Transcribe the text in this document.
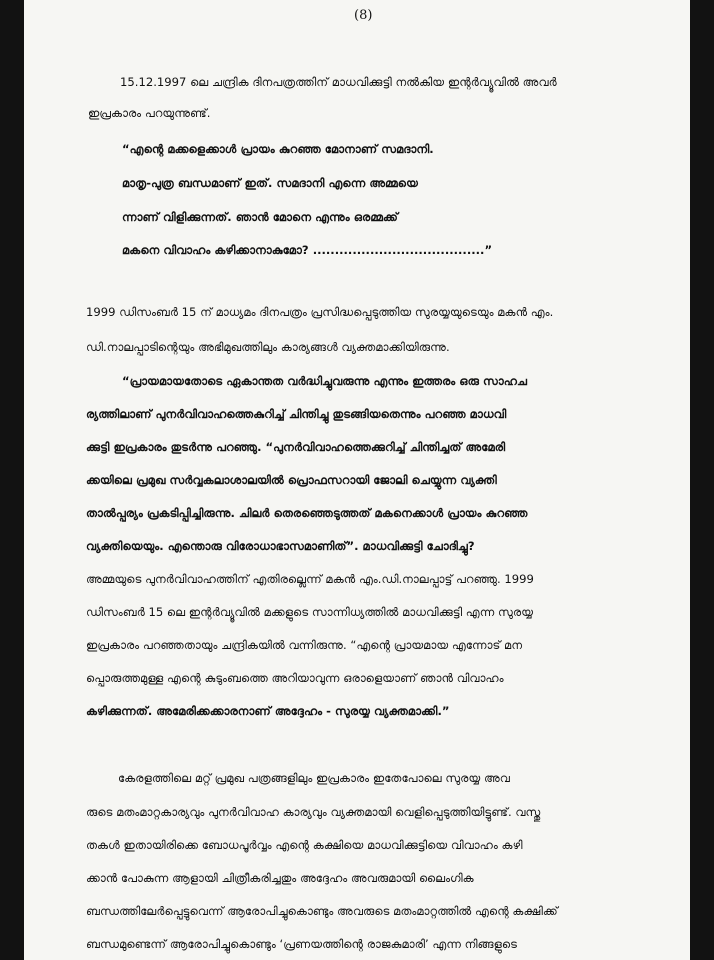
(8)
15.12.1997 ലെ ചന്ദ്രിക ദിനപത്രത്തിന് മാധവിക്കുട്ടി നൽകിയ ഇന്റർവ്യൂവിൽ അവർ
ഇപ്രകാരം പറയുന്നുണ്ട്.
“എന്റെ മക്കളെക്കാൾ പ്രായം കുറഞ്ഞ മോനാണ് സമദാനി.
മാതൃ-പുത്ര ബന്ധമാണ് ഇത്. സമദാനി എന്നെ അമ്മയെ
ന്നാണ് വിളിക്കുന്നത്. ഞാൻ മോനെ എന്നും ഒരമ്മക്ക്
മകനെ വിവാഹം കഴിക്കാനാകുമോ? .......................................”
1999 ഡിസംബർ 15 ന് മാധ്യമം ദിനപത്രം പ്രസിദ്ധപ്പെടുത്തിയ സുരയ്യയുടെയും മകൻ എം.
ഡി.നാലപ്പാടിന്റെയും അഭിമുഖത്തിലും കാര്യങ്ങൾ വ്യക്തമാക്കിയിരുന്നു.
“പ്രായമായതോടെ ഏകാന്തത വർദ്ധിച്ചുവരുന്നു എന്നും ഇത്തരം ഒരു സാഹച
ര്യത്തിലാണ് പുനർവിവാഹത്തെകുറിച്ച് ചിന്തിച്ചു തുടങ്ങിയതെന്നും പറഞ്ഞ മാധവി
ക്കുട്ടി ഇപ്രകാരം തുടർന്നു പറഞ്ഞു. “പുനർവിവാഹത്തെക്കുറിച്ച് ചിന്തിച്ചത് അമേരി
ക്കയിലെ പ്രമുഖ സർവ്വകലാശാലയിൽ പ്രൊഫസറായി ജോലി ചെയ്യുന്ന വ്യക്തി
താൽപ്പര്യം പ്രകടിപ്പിച്ചിരുന്നു. ചിലർ തെരഞ്ഞെടുത്തത് മകനെക്കാൾ പ്രായം കുറഞ്ഞ
വ്യക്തിയെയും. എന്തൊരു വിരോധാഭാസമാണിത്”. മാധവിക്കുട്ടി ചോദിച്ചു?
അമ്മയുടെ പുനർവിവാഹത്തിന് എതിരല്ലെന്ന് മകൻ എം.ഡി.നാലപ്പാട്ട് പറഞ്ഞു. 1999
ഡിസംബർ 15 ലെ ഇന്റർവ്യൂവിൽ മക്കളുടെ സാന്നിധ്യത്തിൽ മാധവിക്കുട്ടി എന്ന സുരയ്യ
ഇപ്രകാരം പറഞ്ഞതായും ചന്ദ്രികയിൽ വന്നിരുന്നു. “എന്റെ പ്രായമായ എന്നോട് മന
പ്പൊരുത്തമുള്ള എന്റെ കുടുംബത്തെ അറിയാവുന്ന ഒരാളെയാണ് ഞാൻ വിവാഹം
കഴിക്കുന്നത്. അമേരിക്കക്കാരനാണ് അദ്ദേഹം - സുരയ്യ വ്യക്തമാക്കി.”
കേരളത്തിലെ മറ്റ് പ്രമുഖ പത്രങ്ങളിലും ഇപ്രകാരം ഇതേപോലെ സുരയ്യ അവ
രുടെ മതംമാറ്റകാര്യവും പുനർവിവാഹ കാര്യവും വ്യക്തമായി വെളിപ്പെടുത്തിയിട്ടുണ്ട്. വസ്തു
തകൾ ഇതായിരിക്കെ ബോധപൂർവ്വം എന്റെ കക്ഷിയെ മാധവിക്കുട്ടിയെ വിവാഹം കഴി
ക്കാൻ പോകുന്ന ആളായി ചിത്രീകരിച്ചതും അദ്ദേഹം അവരുമായി ലൈംഗിക
ബന്ധത്തിലേർപ്പെട്ടുവെന്ന് ആരോപിച്ചുകൊണ്ടും അവരുടെ മതംമാറ്റത്തിൽ എന്റെ കക്ഷിക്ക്
ബന്ധമുണ്ടെന്ന് ആരോപിച്ചുകൊണ്ടും ‘പ്രണയത്തിന്റെ രാജകുമാരി’ എന്ന നിങ്ങളുടെ
